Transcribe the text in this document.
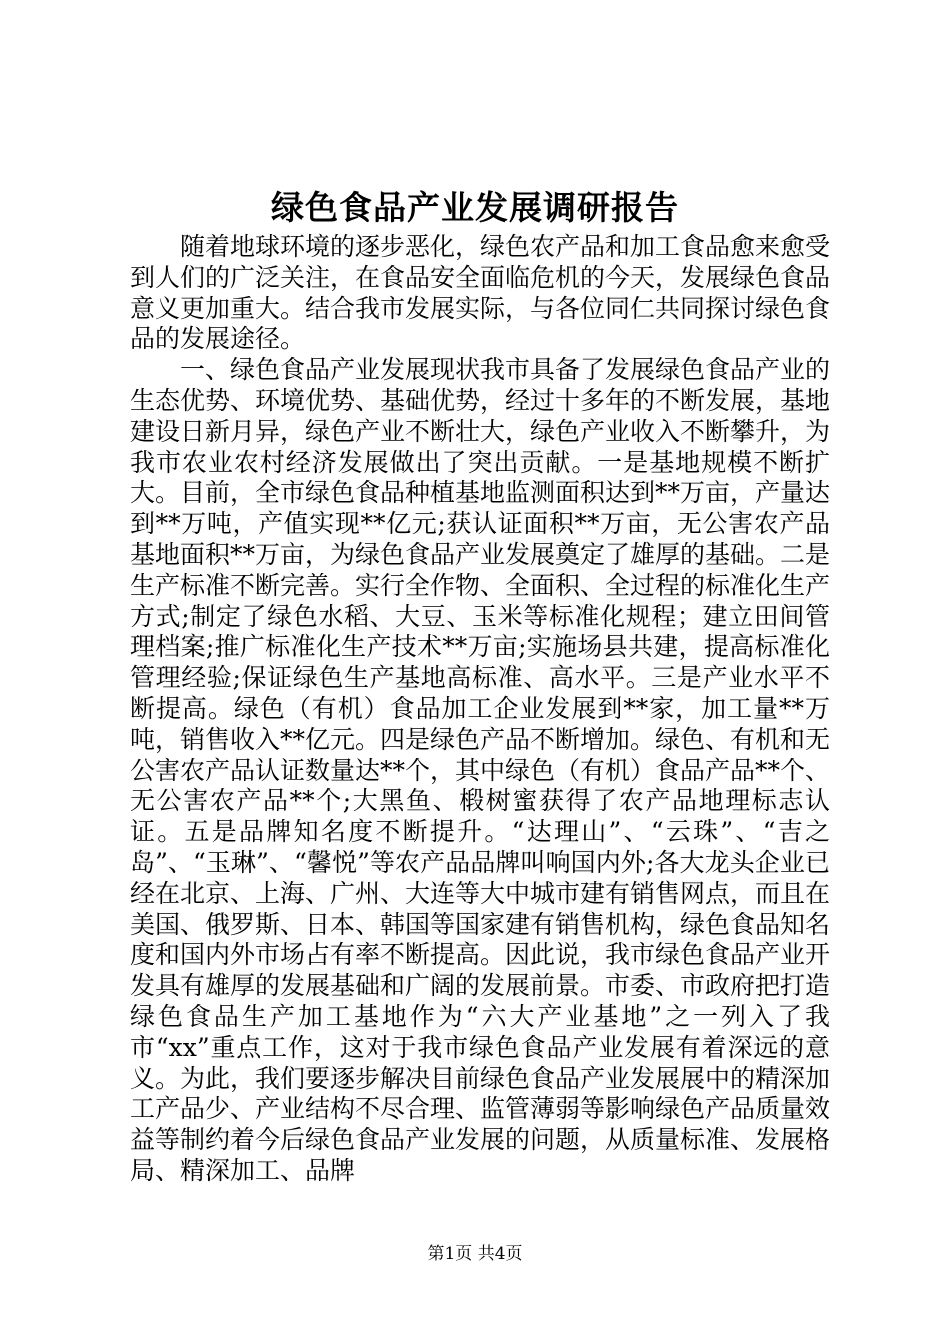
绿色食品产业发展调研报告

随着地球环境的逐步恶化，绿色农产品和加工食品愈来愈受到人们的广泛关注，在食品安全面临危机的今天，发展绿色食品意义更加重大。结合我市发展实际，与各位同仁共同探讨绿色食品的发展途径。

一、绿色食品产业发展现状我市具备了发展绿色食品产业的生态优势、环境优势、基础优势，经过十多年的不断发展，基地建设日新月异，绿色产业不断壮大，绿色产业收入不断攀升，为我市农业农村经济发展做出了突出贡献。一是基地规模不断扩大。目前，全市绿色食品种植基地监测面积达到**万亩，产量达到**万吨，产值实现**亿元;获认证面积**万亩，无公害农产品基地面积**万亩，为绿色食品产业发展奠定了雄厚的基础。二是生产标准不断完善。实行全作物、全面积、全过程的标准化生产方式;制定了绿色水稻、大豆、玉米等标准化规程；建立田间管理档案;推广标准化生产技术**万亩;实施场县共建，提高标准化管理经验;保证绿色生产基地高标准、高水平。三是产业水平不断提高。绿色（有机）食品加工企业发展到**家，加工量**万吨，销售收入**亿元。四是绿色产品不断增加。绿色、有机和无公害农产品认证数量达**个，其中绿色（有机）食品产品**个、无公害农产品**个;大黑鱼、椴树蜜获得了农产品地理标志认证。五是品牌知名度不断提升。“达理山”、“云珠”、“吉之岛”、“玉琳”、“馨悦”等农产品品牌叫响国内外;各大龙头企业已经在北京、上海、广州、大连等大中城市建有销售网点，而且在美国、俄罗斯、日本、韩国等国家建有销售机构，绿色食品知名度和国内外市场占有率不断提高。因此说，我市绿色食品产业开发具有雄厚的发展基础和广阔的发展前景。市委、市政府把打造绿色食品生产加工基地作为“六大产业基地”之一列入了我市“xx”重点工作，这对于我市绿色食品产业发展有着深远的意义。为此，我们要逐步解决目前绿色食品产业发展展中的精深加工产品少、产业结构不尽合理、监管薄弱等影响绿色产品质量效益等制约着今后绿色食品产业发展的问题，从质量标准、发展格局、精深加工、品牌

第1页 共4页
